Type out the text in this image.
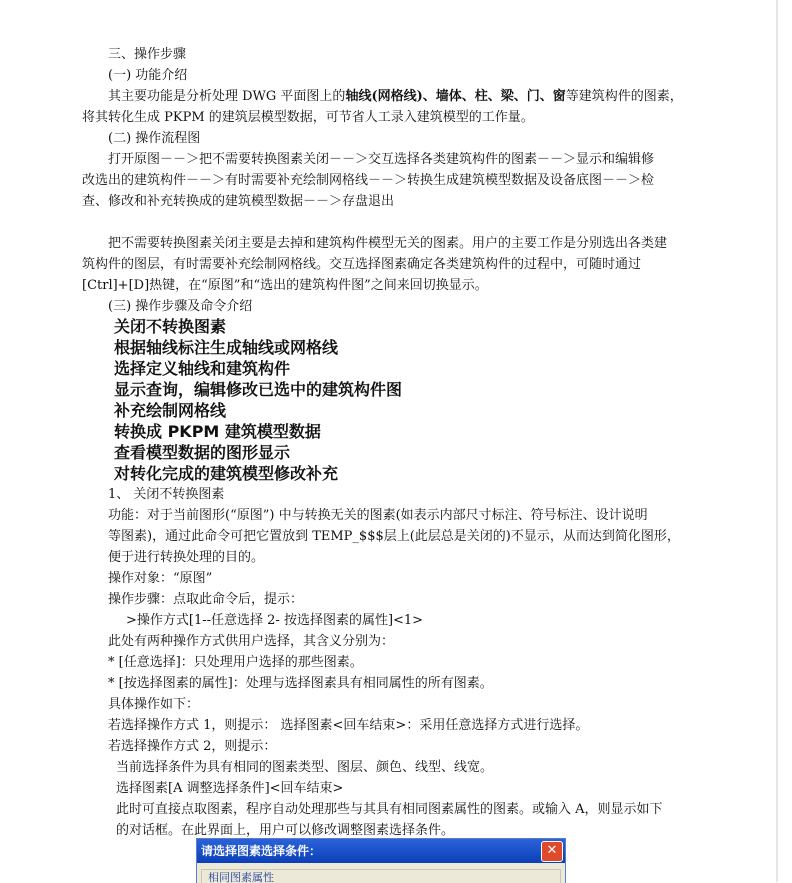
三、操作步骤
(一) 功能介绍
其主要功能是分析处理 DWG 平面图上的轴线(网格线)、墙体、柱、梁、门、窗等建筑构件的图素，
将其转化生成 PKPM 的建筑层模型数据，可节省人工录入建筑模型的工作量。
(二) 操作流程图
打开原图－－＞把不需要转换图素关闭－－＞交互选择各类建筑构件的图素－－＞显示和编辑修
改选出的建筑构件－－＞有时需要补充绘制网格线－－＞转换生成建筑模型数据及设备底图－－＞检
查、修改和补充转换成的建筑模型数据－－＞存盘退出
把不需要转换图素关闭主要是去掉和建筑构件模型无关的图素。用户的主要工作是分别选出各类建
筑构件的图层，有时需要补充绘制网格线。交互选择图素确定各类建筑构件的过程中，可随时通过
[Ctrl]+[D]热键，在“原图”和“选出的建筑构件图”之间来回切换显示。
(三) 操作步骤及命令介绍
关闭不转换图素
根据轴线标注生成轴线或网格线
选择定义轴线和建筑构件
显示查询，编辑修改已选中的建筑构件图
补充绘制网格线
转换成 PKPM 建筑模型数据
查看模型数据的图形显示
对转化完成的建筑模型修改补充
1、 关闭不转换图素
功能：对于当前图形(“原图”) 中与转换无关的图素(如表示内部尺寸标注、符号标注、设计说明
等图素)，通过此命令可把它置放到 TEMP_$$$层上(此层总是关闭的)不显示，从而达到简化图形，
便于进行转换处理的目的。
操作对象：“原图”
操作步骤：点取此命令后，提示：
>操作方式[1--任意选择 2- 按选择图素的属性]<1>
此处有两种操作方式供用户选择，其含义分别为：
* [任意选择]：只处理用户选择的那些图素。
* [按选择图素的属性]：处理与选择图素具有相同属性的所有图素。
具体操作如下：
若选择操作方式 1，则提示： 选择图素<回车结束>：采用任意选择方式进行选择。
若选择操作方式 2，则提示：
当前选择条件为具有相同的图素类型、图层、颜色、线型、线宽。
选择图素[A 调整选择条件]<回车结束>
此时可直接点取图素，程序自动处理那些与其具有相同图素属性的图素。或输入 A，则显示如下
的对话框。在此界面上，用户可以修改调整图素选择条件。
请选择图素选择条件：	✕
相同图素属性
